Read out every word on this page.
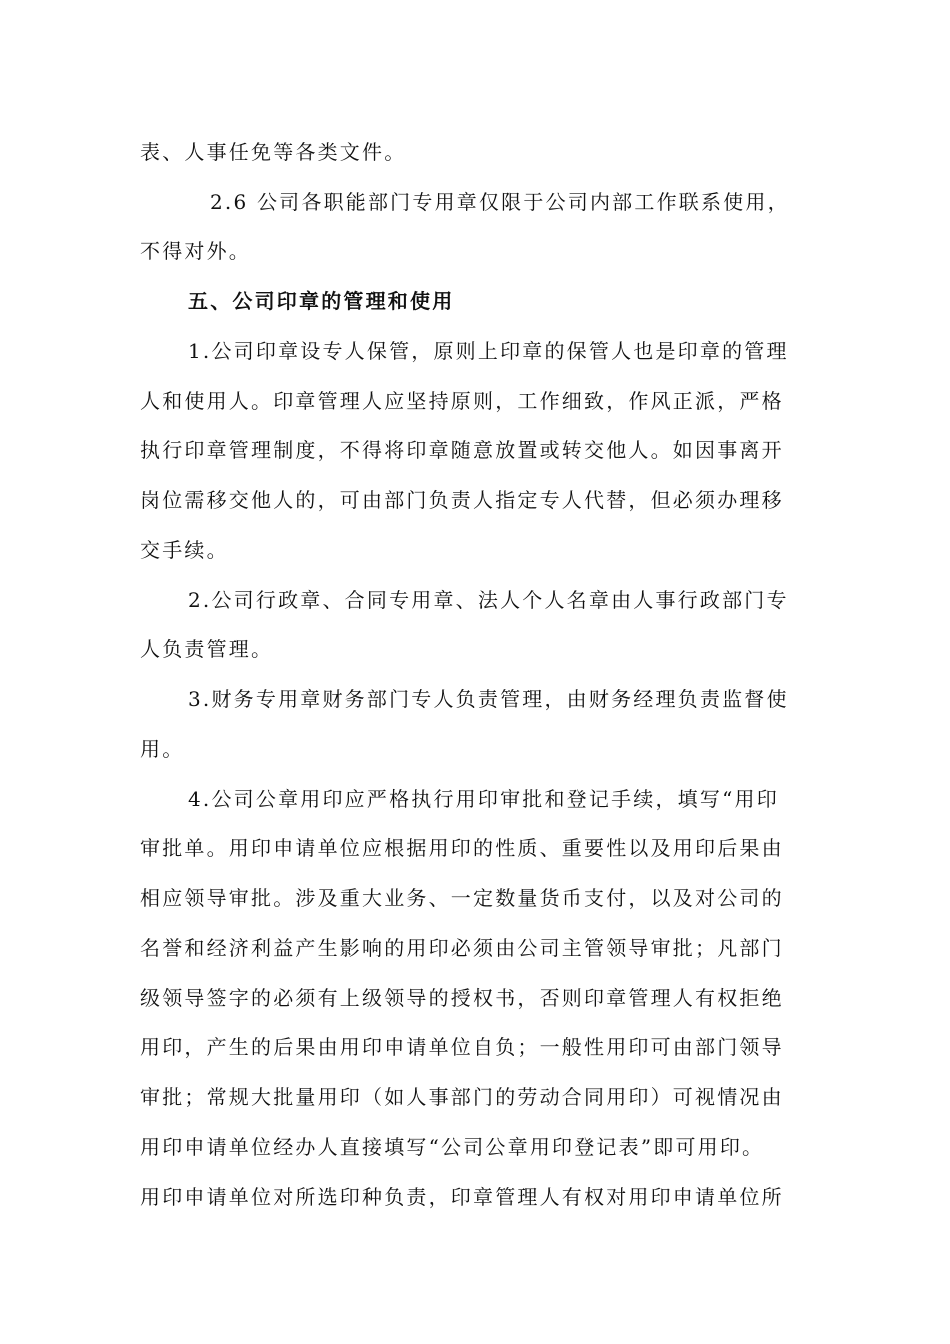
表、人事任免等各类文件。
2.6 公司各职能部门专用章仅限于公司内部工作联系使用，
不得对外。
五、公司印章的管理和使用
1.公司印章设专人保管，原则上印章的保管人也是印章的管理
人和使用人。印章管理人应坚持原则，工作细致，作风正派，严格
执行印章管理制度，不得将印章随意放置或转交他人。如因事离开
岗位需移交他人的，可由部门负责人指定专人代替，但必须办理移
交手续。
2.公司行政章、合同专用章、法人个人名章由人事行政部门专
人负责管理。
3.财务专用章财务部门专人负责管理，由财务经理负责监督使
用。
4.公司公章用印应严格执行用印审批和登记手续，填写“用印
审批单。用印申请单位应根据用印的性质、重要性以及用印后果由
相应领导审批。涉及重大业务、一定数量货币支付，以及对公司的
名誉和经济利益产生影响的用印必须由公司主管领导审批；凡部门
级领导签字的必须有上级领导的授权书，否则印章管理人有权拒绝
用印，产生的后果由用印申请单位自负；一般性用印可由部门领导
审批；常规大批量用印（如人事部门的劳动合同用印）可视情况由
用印申请单位经办人直接填写“公司公章用印登记表”即可用印。
用印申请单位对所选印种负责，印章管理人有权对用印申请单位所
